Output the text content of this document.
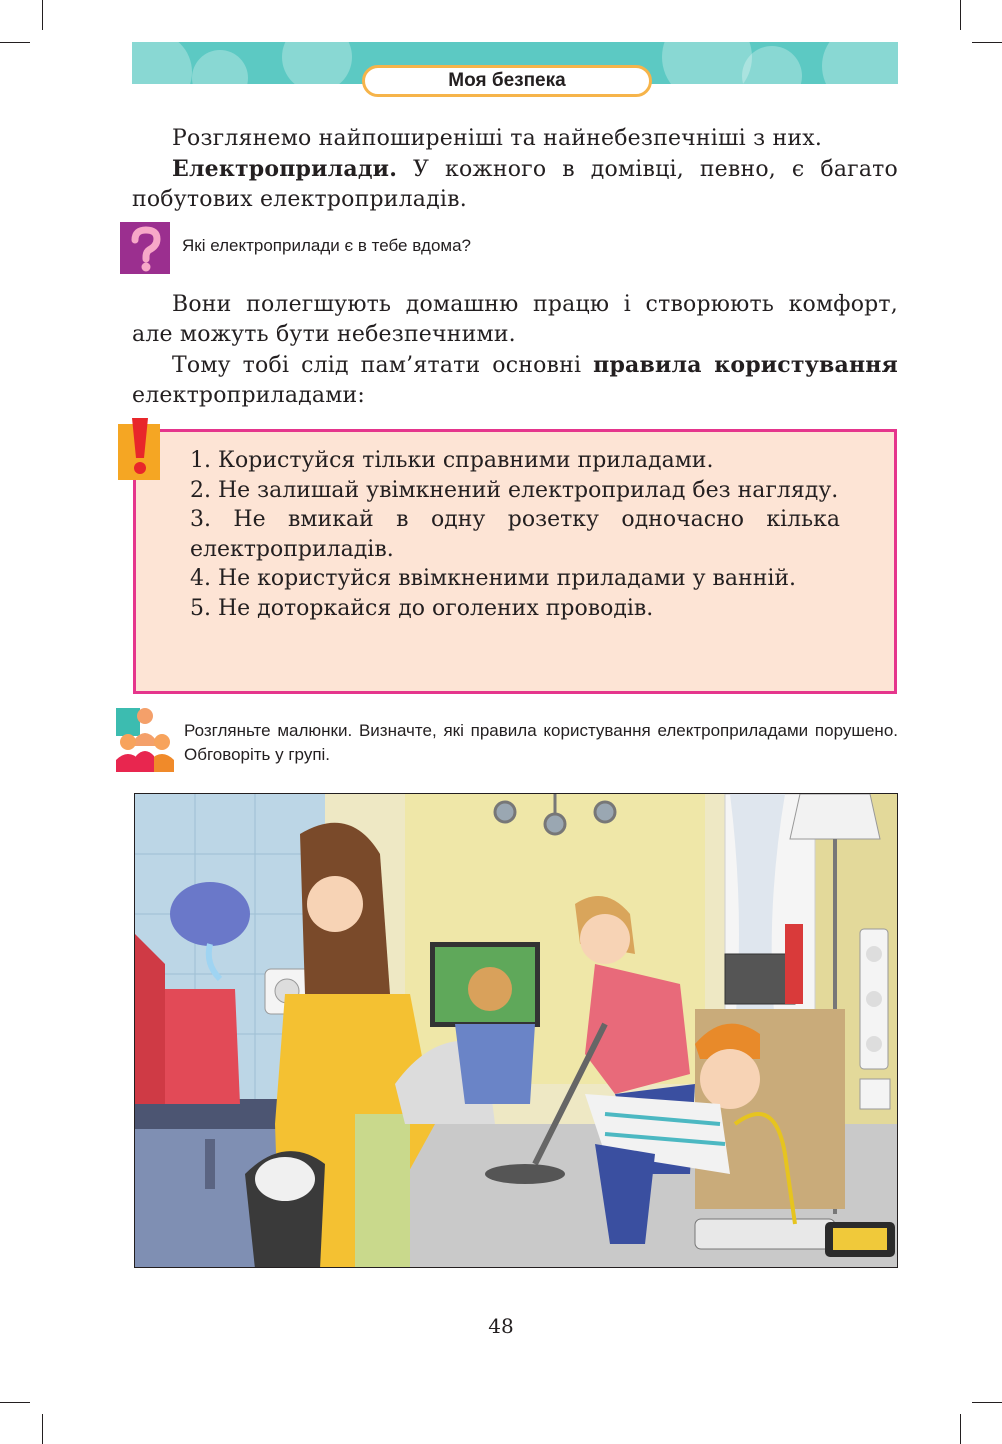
Моя безпека

Розглянемо найпоширеніші та найнебезпечніші з них.

Електроприлади. У кожного в домівці, певно, є багато побутових електроприладів.

Які електроприлади є в тебе вдома?

Вони полегшують домашню працю і створюють комфорт, але можуть бути небезпечними.

Тому тобі слід пам’ятати основні правила користування електроприладами:

1. Користуйся тільки справними приладами.
2. Не залишай увімкнений електроприлад без нагляду.
3. Не вмикай в одну розетку одночасно кілька електроприладів.
4. Не користуйся ввімкненими приладами у ванній.
5. Не доторкайся до оголених проводів.

Розгляньте малюнки. Визначте, які правила користування електроприладами порушено. Обговоріть у групі.

48
